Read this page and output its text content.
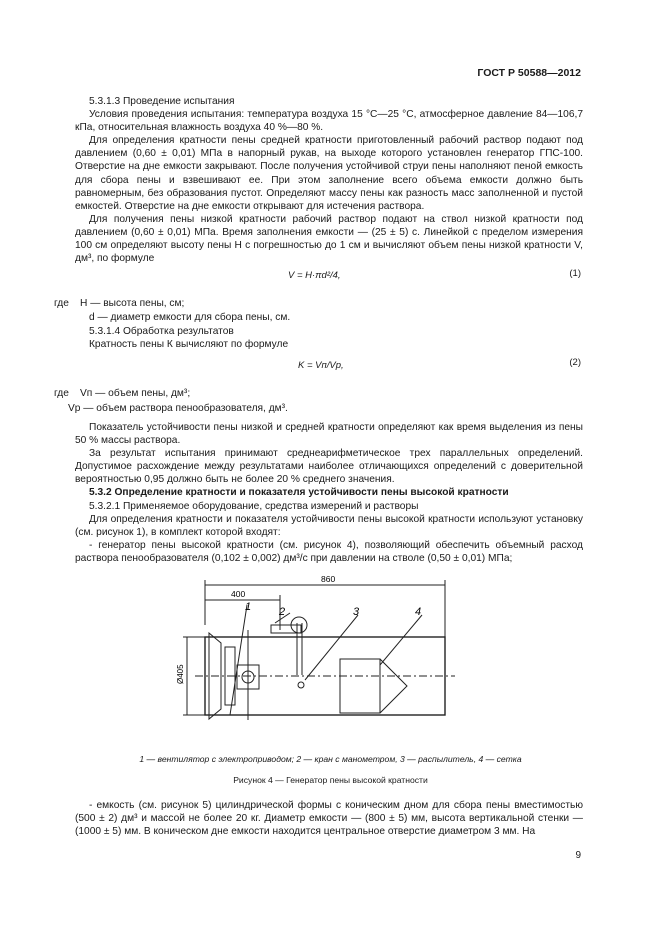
ГОСТ Р 50588—2012

5.3.1.3 Проведение испытания

Условия проведения испытания: температура воздуха 15 °С—25 °С, атмосферное давление 84—106,7 кПа, относительная влажность воздуха 40 %—80 %.

Для определения кратности пены средней кратности приготовленный рабочий раствор подают под давлением (0,60 ± 0,01) МПа в напорный рукав, на выходе которого установлен генератор ГПС-100. Отверстие на дне емкости закрывают. После получения устойчивой струи пены наполняют пеной емкость для сбора пены и взвешивают ее. При этом заполнение всего объема емкости должно быть равномерным, без образования пустот. Определяют массу пены как разность масс заполненной и пустой емкостей. Отверстие на дне емкости открывают для истечения раствора.

Для получения пены низкой кратности рабочий раствор подают на ствол низкой кратности под давлением (0,60 ± 0,01) МПа. Время заполнения емкости — (25 ± 5) с. Линейкой с пределом измерения 100 см определяют высоту пены Н с погрешностью до 1 см и вычисляют объем пены низкой кратности V, дм³, по формуле

V = H·πd²/4,	(1)
где Н — высота пены, см;
d — диаметр емкости для сбора пены, см.

5.3.1.4 Обработка результатов

Кратность пены К вычисляют по формуле

K = Vп/Vр,	(2)
где Vп — объем пены, дм³;
Vр — объем раствора пенообразователя, дм³.

Показатель устойчивости пены низкой и средней кратности определяют как время выделения из пены 50 % массы раствора.

За результат испытания принимают среднеарифметическое трех параллельных определений. Допустимое расхождение между результатами наиболее отличающихся определений с доверительной вероятностью 0,95 должно быть не более 20 % среднего значения.

5.3.2 Определение кратности и показателя устойчивости пены высокой кратности

5.3.2.1 Применяемое оборудование, средства измерений и растворы

Для определения кратности и показателя устойчивости пены высокой кратности используют установку (см. рисунок 1), в комплект которой входят:

- генератор пены высокой кратности (см. рисунок 4), позволяющий обеспечить объемный расход раствора пенообразователя (0,102 ± 0,002) дм³/с при давлении на стволе (0,50 ± 0,01) МПа;

860
400
Ø405
1	2	3	4
1 — вентилятор с электроприводом; 2 — кран с манометром, 3 — распылитель, 4 — сетка
Рисунок 4 — Генератор пены высокой кратности

- емкость (см. рисунок 5) цилиндрической формы с коническим дном для сбора пены вместимостью (500 ± 2) дм³ и массой не более 20 кг. Диаметр емкости — (800 ± 5) мм, высота вертикальной стенки — (1000 ± 5) мм. В коническом дне емкости находится центральное отверстие диаметром 3 мм. На

9
